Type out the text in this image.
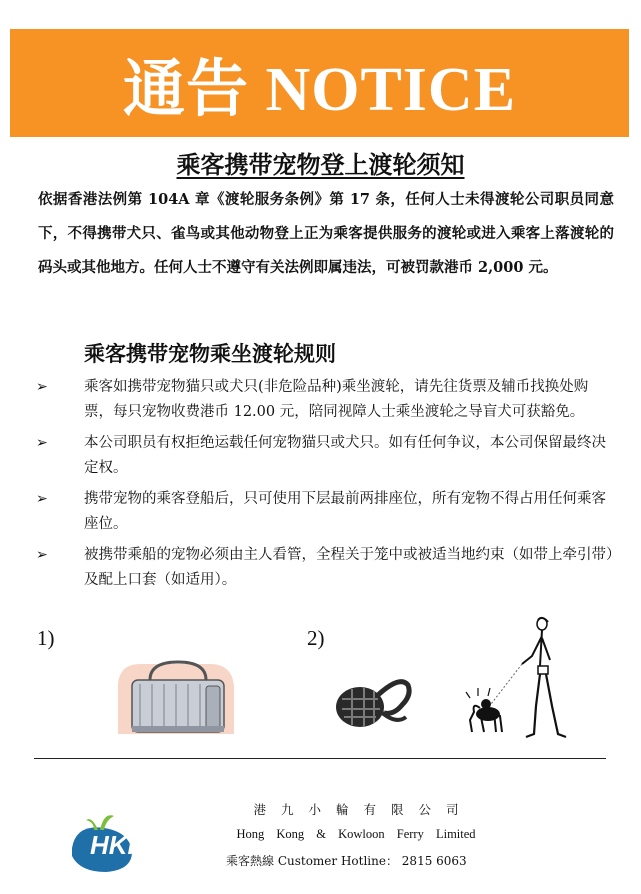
通告 NOTICE
乘客携带宠物登上渡轮须知

依据香港法例第 104A 章《渡轮服务条例》第 17 条，任何人士未得渡轮公司职员同意下，不得携带犬只、雀鸟或其他动物登上正为乘客提供服务的渡轮或进入乘客上落渡轮的码头或其他地方。任何人士不遵守有关法例即属违法，可被罚款港币 2,000 元。

乘客携带宠物乘坐渡轮规则
➢	乘客如携带宠物猫只或犬只(非危险品种)乘坐渡轮，请先往货票及辅币找换处购票，每只宠物收费港币 12.00 元，陪同视障人士乘坐渡轮之导盲犬可获豁免。
➢	本公司职员有权拒绝运载任何宠物猫只或犬只。如有任何争议，本公司保留最终决定权。
➢	携带宠物的乘客登船后，只可使用下层最前两排座位，所有宠物不得占用任何乘客座位。
➢	被携带乘船的宠物必须由主人看管，全程关于笼中或被适当地约束（如带上牵引带）及配上口套（如适用）。
1)	2)
HKKF
港九小輪有限公司
Hong Kong & Kowloon Ferry Limited
乘客熱線 Customer Hotline： 2815 6063
